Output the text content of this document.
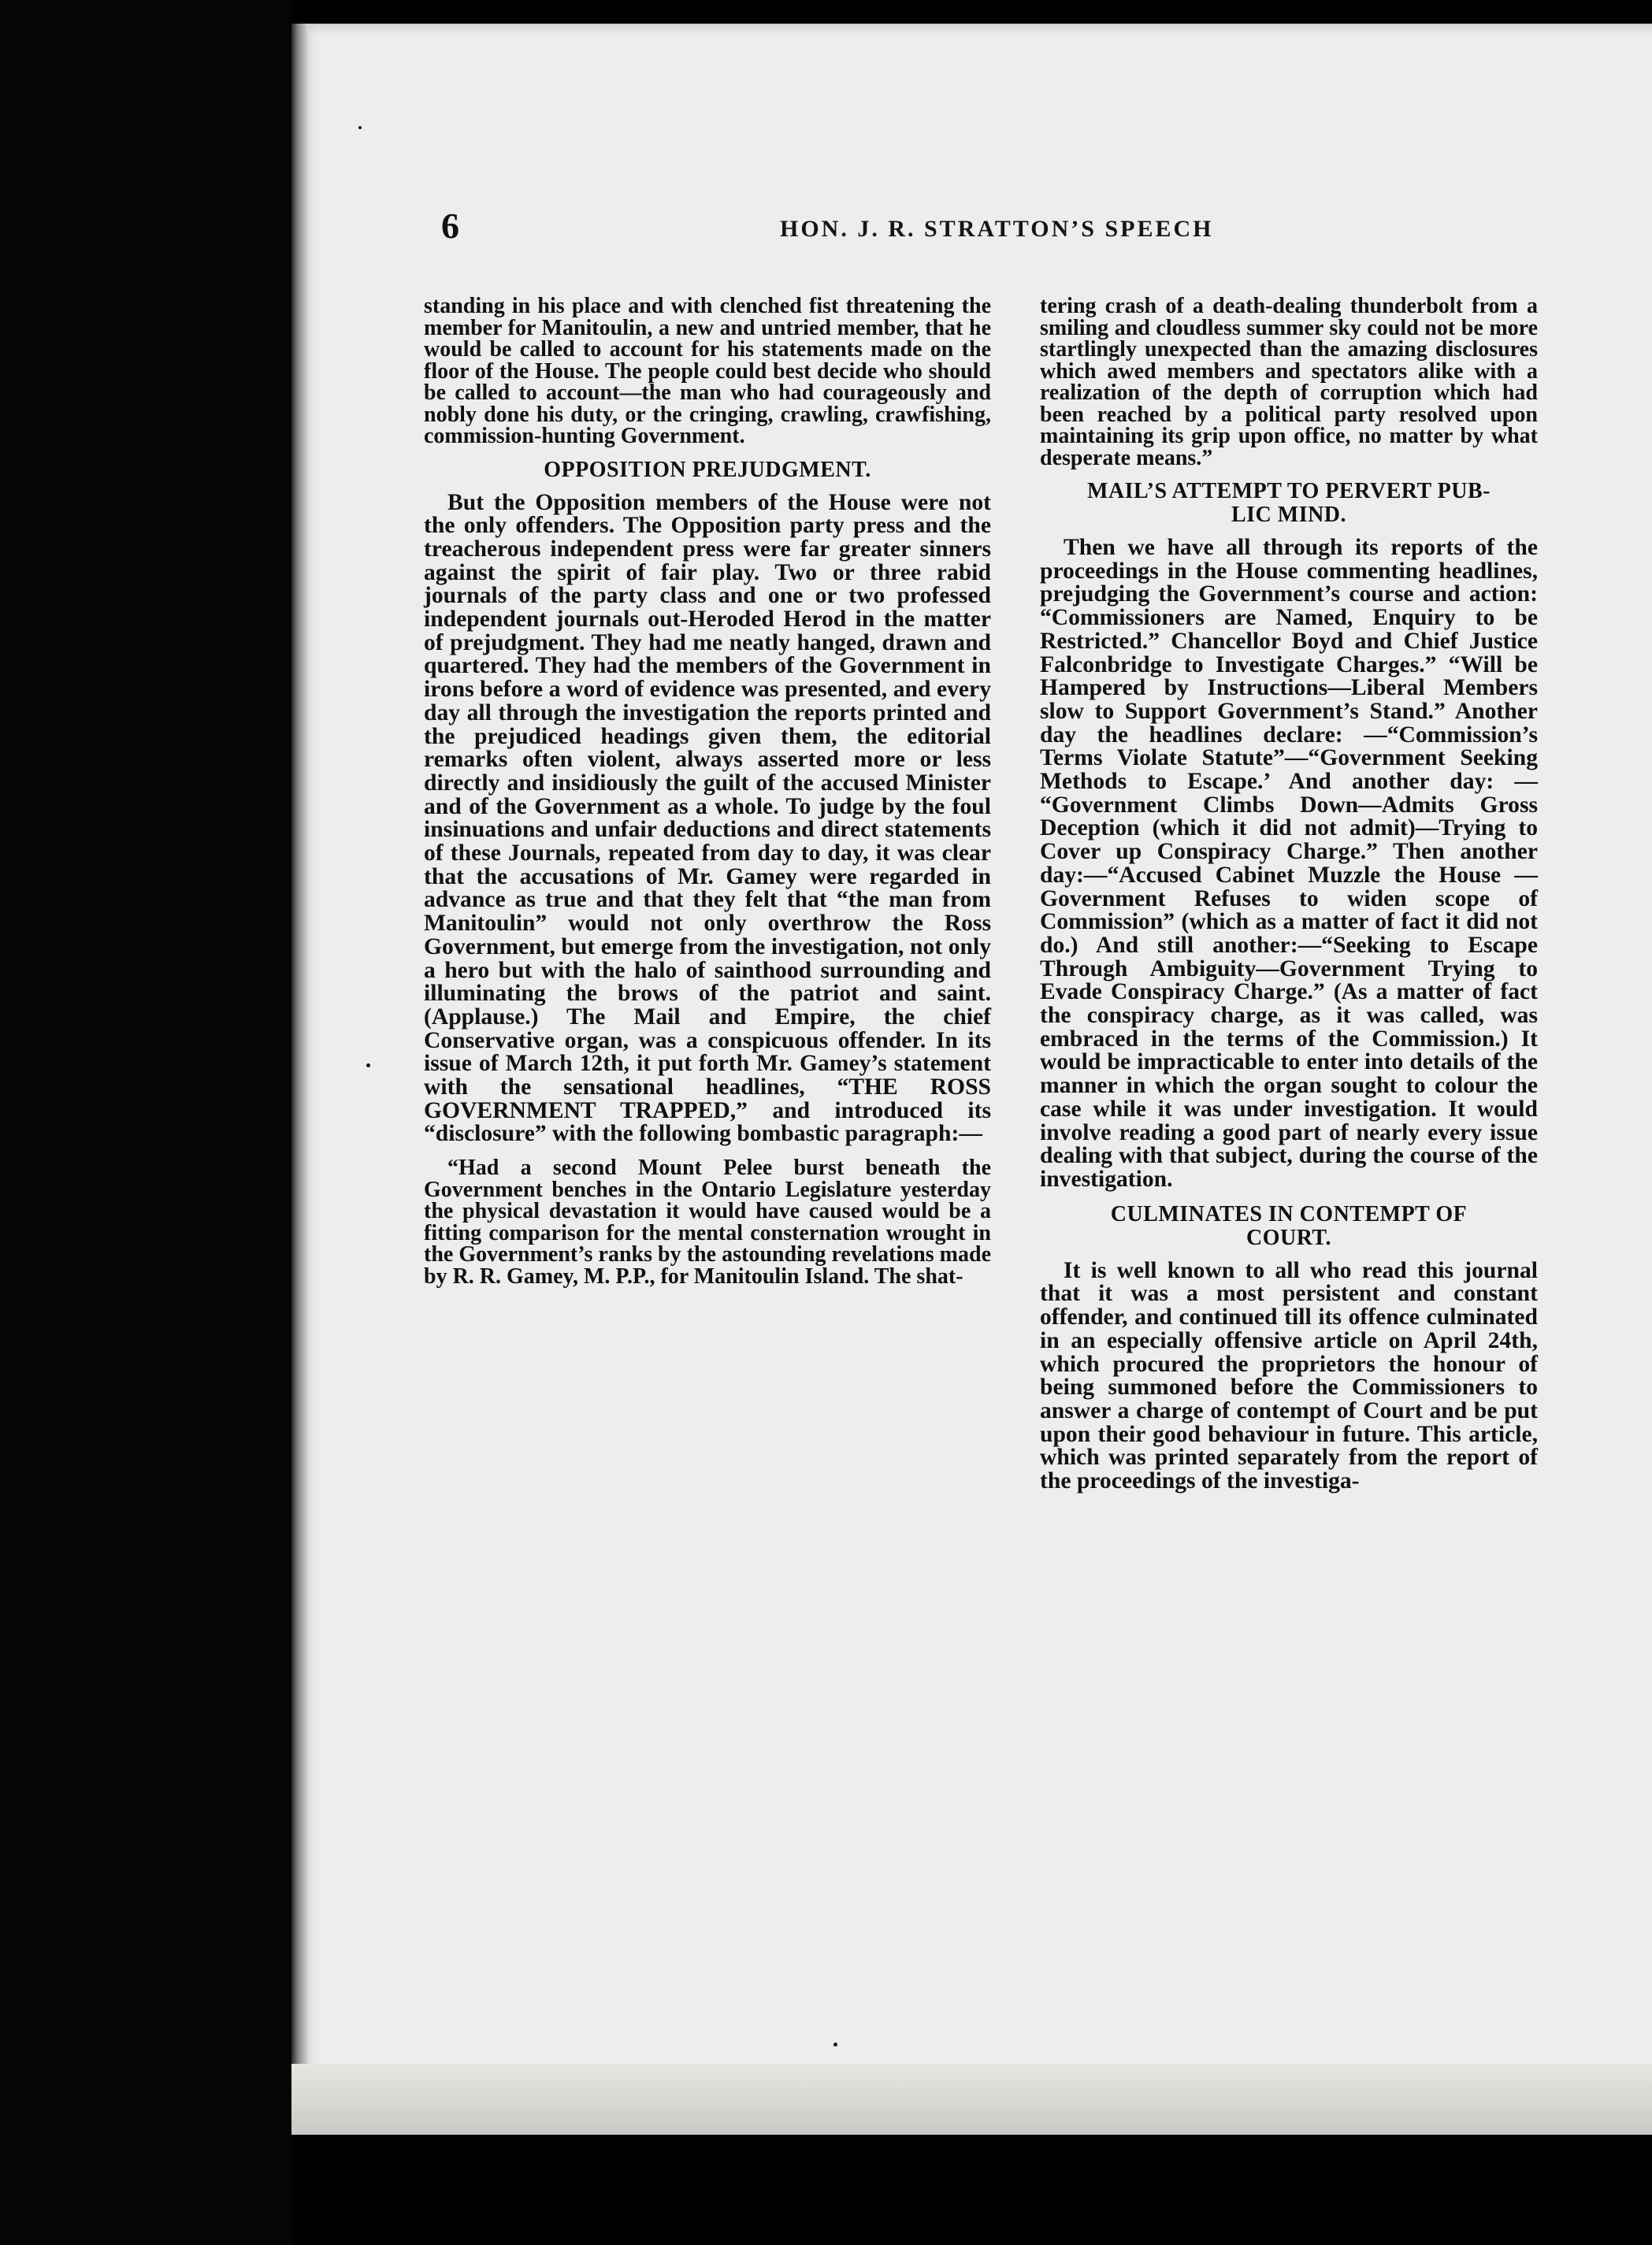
6	HON. J. R. STRATTON’S SPEECH

standing in his place and with clenched fist threatening the member for Manitoulin, a new and untried member, that he would be called to account for his statements made on the floor of the House. The people could best decide who should be called to account—the man who had courageously and nobly done his duty, or the cringing, crawling, crawfishing, commission-hunting Government.

OPPOSITION PREJUDGMENT.

But the Opposition members of the House were not the only offenders. The Opposition party press and the treacherous independent press were far greater sinners against the spirit of fair play. Two or three rabid journals of the party class and one or two professed independent journals out-Heroded Herod in the matter of prejudgment. They had me neatly hanged, drawn and quartered. They had the members of the Government in irons before a word of evidence was presented, and every day all through the investigation the reports printed and the prejudiced headings given them, the editorial remarks often violent, always asserted more or less directly and insidiously the guilt of the accused Minister and of the Government as a whole. To judge by the foul insinuations and unfair deductions and direct statements of these Journals, repeated from day to day, it was clear that the accusations of Mr. Gamey were regarded in advance as true and that they felt that “the man from Manitoulin” would not only overthrow the Ross Government, but emerge from the investigation, not only a hero but with the halo of sainthood surrounding and illuminating the brows of the patriot and saint. (Applause.) The Mail and Empire, the chief Conservative organ, was a conspicuous offender. In its issue of March 12th, it put forth Mr. Gamey’s statement with the sensational headlines, “THE ROSS GOVERNMENT TRAPPED,” and introduced its “disclosure” with the following bombastic paragraph:—

“Had a second Mount Pelee burst beneath the Government benches in the Ontario Legislature yesterday the physical devastation it would have caused would be a fitting comparison for the mental consternation wrought in the Government’s ranks by the astounding revelations made by R. R. Gamey, M. P.P., for Manitoulin Island. The shat-

tering crash of a death-dealing thunderbolt from a smiling and cloudless summer sky could not be more startlingly unexpected than the amazing disclosures which awed members and spectators alike with a realization of the depth of corruption which had been reached by a political party resolved upon maintaining its grip upon office, no matter by what desperate means.”

MAIL’S ATTEMPT TO PERVERT PUB-
LIC MIND.

Then we have all through its reports of the proceedings in the House commenting headlines, prejudging the Government’s course and action: “Commissioners are Named, Enquiry to be Restricted.” Chancellor Boyd and Chief Justice Falconbridge to Investigate Charges.” “Will be Hampered by Instructions—Liberal Members slow to Support Government’s Stand.” Another day the headlines declare: —“Commission’s Terms Violate Statute”—“Government Seeking Methods to Escape.’ And another day: — “Government Climbs Down—Admits Gross Deception (which it did not admit)—Trying to Cover up Conspiracy Charge.” Then another day:—“Accused Cabinet Muzzle the House — Government Refuses to widen scope of Commission” (which as a matter of fact it did not do.) And still another:—“Seeking to Escape Through Ambiguity—Government Trying to Evade Conspiracy Charge.” (As a matter of fact the conspiracy charge, as it was called, was embraced in the terms of the Commission.) It would be impracticable to enter into details of the manner in which the organ sought to colour the case while it was under investigation. It would involve reading a good part of nearly every issue dealing with that subject, during the course of the investigation.

CULMINATES IN CONTEMPT OF
COURT.

It is well known to all who read this journal that it was a most persistent and constant offender, and continued till its offence culminated in an especially offensive article on April 24th, which procured the proprietors the honour of being summoned before the Commissioners to answer a charge of contempt of Court and be put upon their good behaviour in future. This article, which was printed separately from the report of the proceedings of the investiga-
